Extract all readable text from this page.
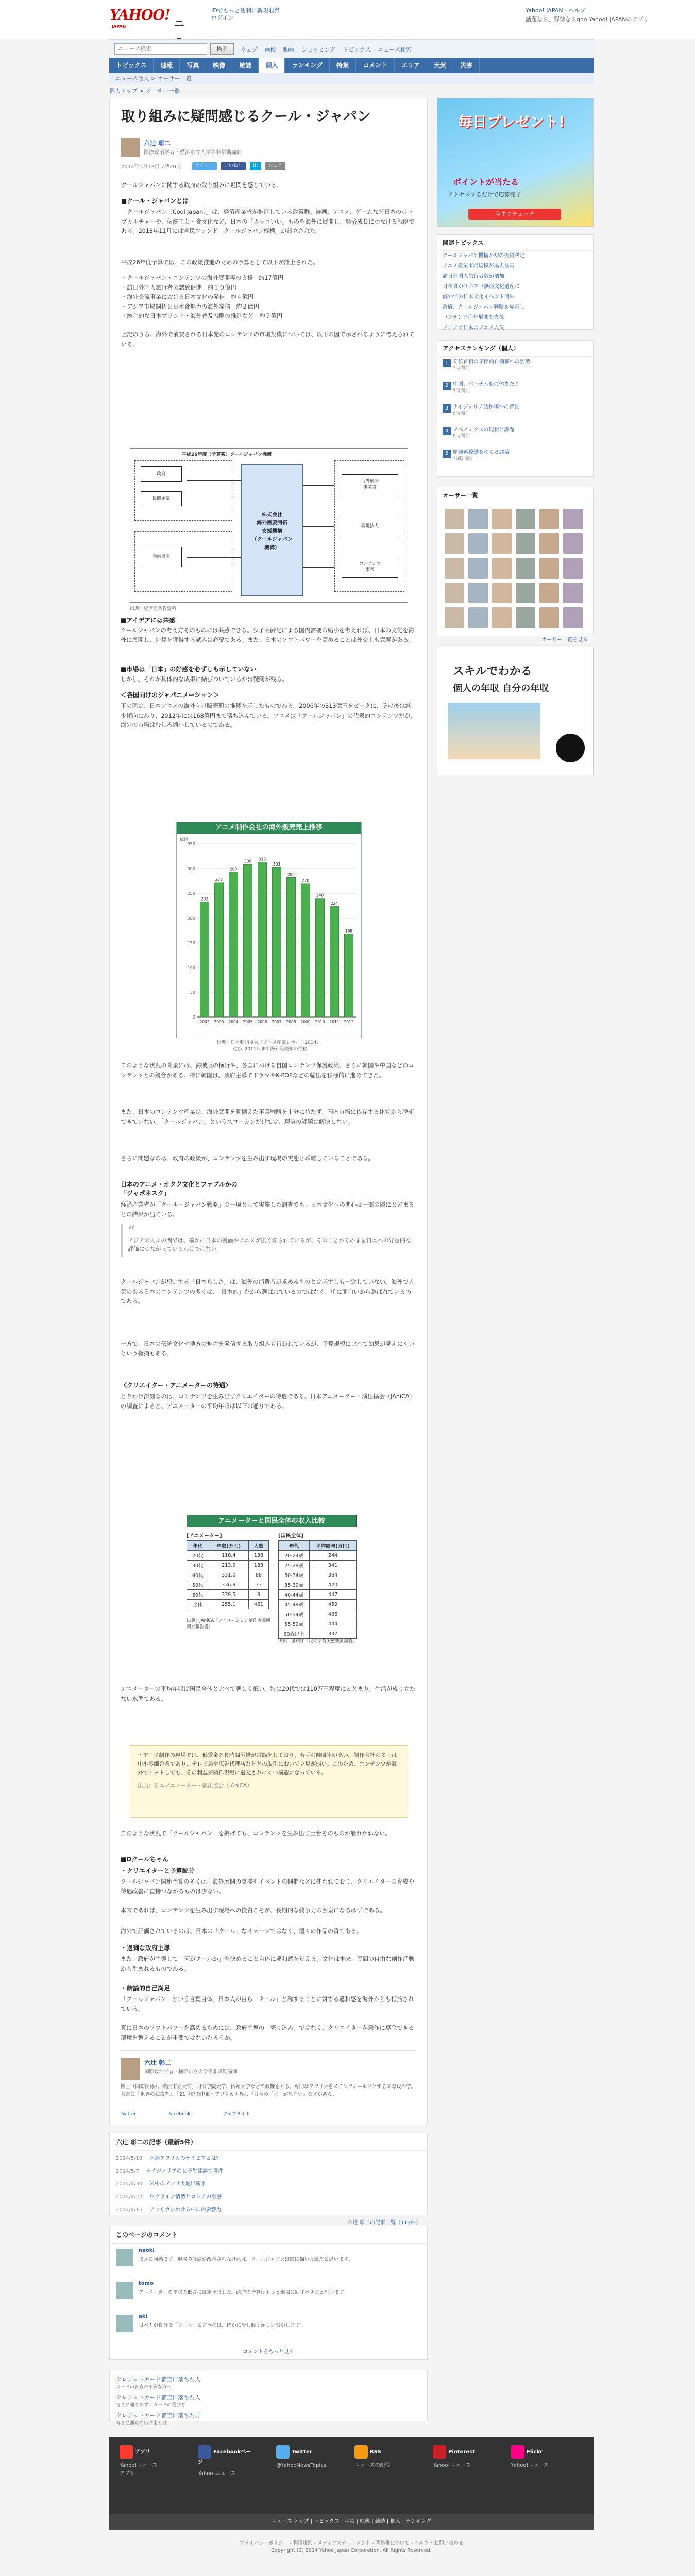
YAHOO!
JAPAN	ニ
IDでもっと便利に新規取得
ログイン
Yahoo! JAPAN - ヘルプ
話題なら、野球ならgoo Yahoo! JAPANのアプリ
ニュース検索
検索	ウェブ 画像 動画 ショッピング トピックス ニュース検索
トピックス	速報	写真	映像	雑誌	個人	ランキング	特集	コメント	エリア	天気	災害
ニュース個人 > オーサー一覧
個人トップ > オーサー一覧
取り組みに疑問感じるクール・ジャパン
六辻 彰二
国際政治学者・横浜市立大学等非常勤講師
2014年5月12日 7時20分	ツイート いいね！ B! シェア
クールジャパンに関する政府の取り組みに疑問を感じている。
■クール・ジャパンとは
「クールジャパン（Cool Japan）」は、経済産業省が推進している政策群。漫画、アニメ、ゲームなど日本のポップカルチャーや、伝統工芸・食文化など、日本の「カッコいい」ものを海外に展開し、経済成長につなげる戦略である。2013年11月には官民ファンド「クールジャパン機構」が設立された。
平成26年度予算では、この政策推進のための予算として以下が計上された。
・クールジャパン・コンテンツの海外展開等の支援　約17億円
・訪日外国人旅行者の誘致促進　約１０億円
・海外交流事業における日本文化の発信　約４億円
・アジア市場開拓と日本食魅力の海外発信　約２億円
・総合的な日本ブランド・海外普及戦略の推進など　約７億円
上記のうち、海外で消費される日本発のコンテンツの市場規模については、以下の図で示されるように考えられている。
平成26年度（予算案）クールジャパン機構
政府
民間企業
金融機関
株式会社
海外需要開拓
支援機構
（クールジャパン
機構）
海外展開
事業者
現地法人
コンテンツ
事業
出典：経済産業省資料
■アイデアには共感
クールジャパンの考え方そのものには共感できる。少子高齢化による国内需要の縮小を考えれば、日本の文化を海外に展開し、外貨を獲得する試みは必要である。また、日本のソフトパワーを高めることは外交上も意義がある。
■市場は「日本」の好感を必ずしも示していない
しかし、それが具体的な成果に結びついているかは疑問が残る。
＜各国向けのジャパニメーション＞
下の図は、日本アニメの海外向け販売額の推移を示したものである。2006年の313億円をピークに、その後は減少傾向にあり、2012年には168億円まで落ち込んでいる。アニメは「クールジャパン」の代表的コンテンツだが、海外の市場はむしろ縮小しているのである。
アニメ制作会社の海外販売売上推移
0
50
100
150
200
250
300
350
億円
233
2002
272
2003
293
2004
309
2005
313
2006
303
2007
282
2008
270
2009
240
2010
224
2011
168
2012
出典：日本動画協会『アニメ産業レポート2014』
（注）2011年まで海外販売額の推移
このような状況の背景には、海賊版の横行や、各国における自国コンテンツ保護政策、さらに韓国や中国などのコンテンツとの競合がある。特に韓国は、政府主導でドラマやK-POPなどの輸出を積極的に進めてきた。
また、日本のコンテンツ産業は、海外展開を見据えた事業戦略を十分に持たず、国内市場に依存する体質から脱却できていない。「クールジャパン」というスローガンだけでは、現実の課題は解決しない。
さらに問題なのは、政府の政策が、コンテンツを生み出す現場の実態と乖離していることである。
日本のアニメ・オタク文化とファブルかの
「ジャポネスク」
経済産業省が「クール・ジャパン戦略」の一環として実施した調査でも、日本文化への関心は一部の層にとどまるとの結果が出ている。
“
アジアの人々の間では、確かに日本の漫画やアニメが広く知られているが、そのことがそのまま日本への好意的な評価につながっているわけではない。
クールジャパンが想定する「日本らしさ」は、海外の消費者が求めるものとは必ずしも一致していない。海外で人気のある日本のコンテンツの多くは、「日本的」だから選ばれているのではなく、単に面白いから選ばれているのである。
一方で、日本の伝統文化や地方の魅力を発信する取り組みも行われているが、予算規模に比べて効果が見えにくいという指摘もある。
〈クリエイター・アニメーターの待遇〉
とりわけ深刻なのは、コンテンツを生み出すクリエイターの待遇である。日本アニメーター・演出協会（JAniCA）の調査によると、アニメーターの平均年収は以下の通りである。
アニメーターと国民全体の収入比較
[アニメーター]	[国民全体]
年代	年収(万円)	人数
20代	110.4	138
30代	213.9	183
40代	331.0	88
50代	336.9	33
60代	339.5	8
全体	255.1	461
年代	平均給与(万円)
20-24歳	244
25-29歳	341
30-34歳	384
35-39歳	420
40-44歳	447
45-49歳	459
50-54歳	466
55-59歳	444
60歳以上	337
出典：JAniCA『アニメーション制作者実態調査報告書』
出典：国税庁『民間給与実態統計調査』
アニメーターの平均年収は国民全体と比べて著しく低い。特に20代では110万円程度にとどまり、生活が成り立たない水準である。
・アニメ制作の現場では、低賃金と長時間労働が常態化しており、若手の離職率が高い。制作会社の多くは中小零細企業であり、テレビ局や広告代理店などとの取引において立場が弱い。このため、コンテンツが海外でヒットしても、その利益が制作現場に還元されにくい構造になっている。
出典：日本アニメーター・演出協会（JAniCA）
このような状況で「クールジャパン」を掲げても、コンテンツを生み出す土台そのものが崩れかねない。
■Dクールちゃん
・クリエイターと予算配分
クールジャパン関連予算の多くは、海外展開の支援やイベントの開催などに使われており、クリエイターの育成や待遇改善に直接つながるものは少ない。
本来であれば、コンテンツを生み出す現場への投資こそが、長期的な競争力の源泉になるはずである。
海外で評価されているのは、日本の「クール」なイメージではなく、個々の作品の質である。
・過剰な政府主導
また、政府が主導して「何がクールか」を決めること自体に違和感を覚える。文化は本来、民間の自由な創作活動から生まれるものである。
・結論的自己満足
「クールジャパン」という言葉自体、日本人が自ら「クール」と称することに対する違和感を海外からも指摘されている。
真に日本のソフトパワーを高めるためには、政府主導の「売り込み」ではなく、クリエイターが創作に専念できる環境を整えることが重要ではないだろうか。
六辻 彰二
国際政治学者・横浜市立大学等非常勤講師
博士（国際関係）。横浜市立大学、明治学院大学、拓殖大学などで教鞭をとる。専門はアフリカをメインフィールドとする国際政治学。著書に『世界の独裁者』、『21世紀の中東・アフリカ世界』、『日本の「水」が危ない』などがある。
Twitter	Facebook	ウェブサイト
六辻 彰二の記事（最新5件）
2014/5/10 南部アフリカのナミビアとは？
2014/5/7 ナイジェリアの女子生徒誘拐事件
2014/4/30 米中のアフリカ進出競争
2014/4/22 ウクライナ情勢とロシアの思惑
2014/4/15 アフリカにおける中国の影響力
六辻 彰二の記事一覧（113件）
このページのコメント
naoki
まさに同感です。現場の待遇が改善されなければ、クールジャパンは絵に描いた餅だと思います。
tomo
アニメーターの年収の低さには驚きました。政府の予算はもっと現場に回すべきだと思います。
aki
日本人が自分で「クール」と言うのは、確かに少し恥ずかしい気がします。
コメントをもっと見る
クレジットカード審査に落ちた人
カードの審査が不安な方へ
クレジットカード審査に落ちた人
審査に通りやすいカードの選び方
クレジットカード審査に落ちた方
審査に通らない理由とは
毎日プレゼント!
ポイントが当たる
アクセスするだけで応募完了
今すぐチェック
関連トピックス
クールジャパン機構が初の投資決定
アニメ産業市場規模が過去最高
訪日外国人旅行者数が増加
日本食がユネスコ無形文化遺産に
海外での日本文化イベント開催
政府、クールジャパン戦略を見直し
コンテンツ海外展開を支援
アジアで日本のアニメ人気
アクセスランキング（個人）
1 安倍首相の集団的自衛権への姿勢
3時間前
2 中国、ベトナム船に体当たり
5時間前
3 ナイジェリア誘拐事件の背景
6時間前
4 アベノミクスの現状と課題
8時間前
5 原発再稼働をめぐる議論
10時間前
オーサー一覧
オーサー一覧を見る
スキルでわかる
個人の年収 自分の年収
アプリ
Yahoo!ニュース
アプリ
Facebookページ
Yahoo!ニュース
Twitter
@YahooNewsTopics
RSS
ニュースの配信
Pinterest
Yahoo!ニュース
Flickr
Yahoo!ニュース
ニュース トップ | トピックス | 写真 | 映像 | 雑誌 | 個人 | ランキング
プライバシーポリシー - 利用規約 - メディアステートメント - 著作権について - ヘルプ・お問い合わせ
Copyright (C) 2014 Yahoo Japan Corporation. All Rights Reserved.
